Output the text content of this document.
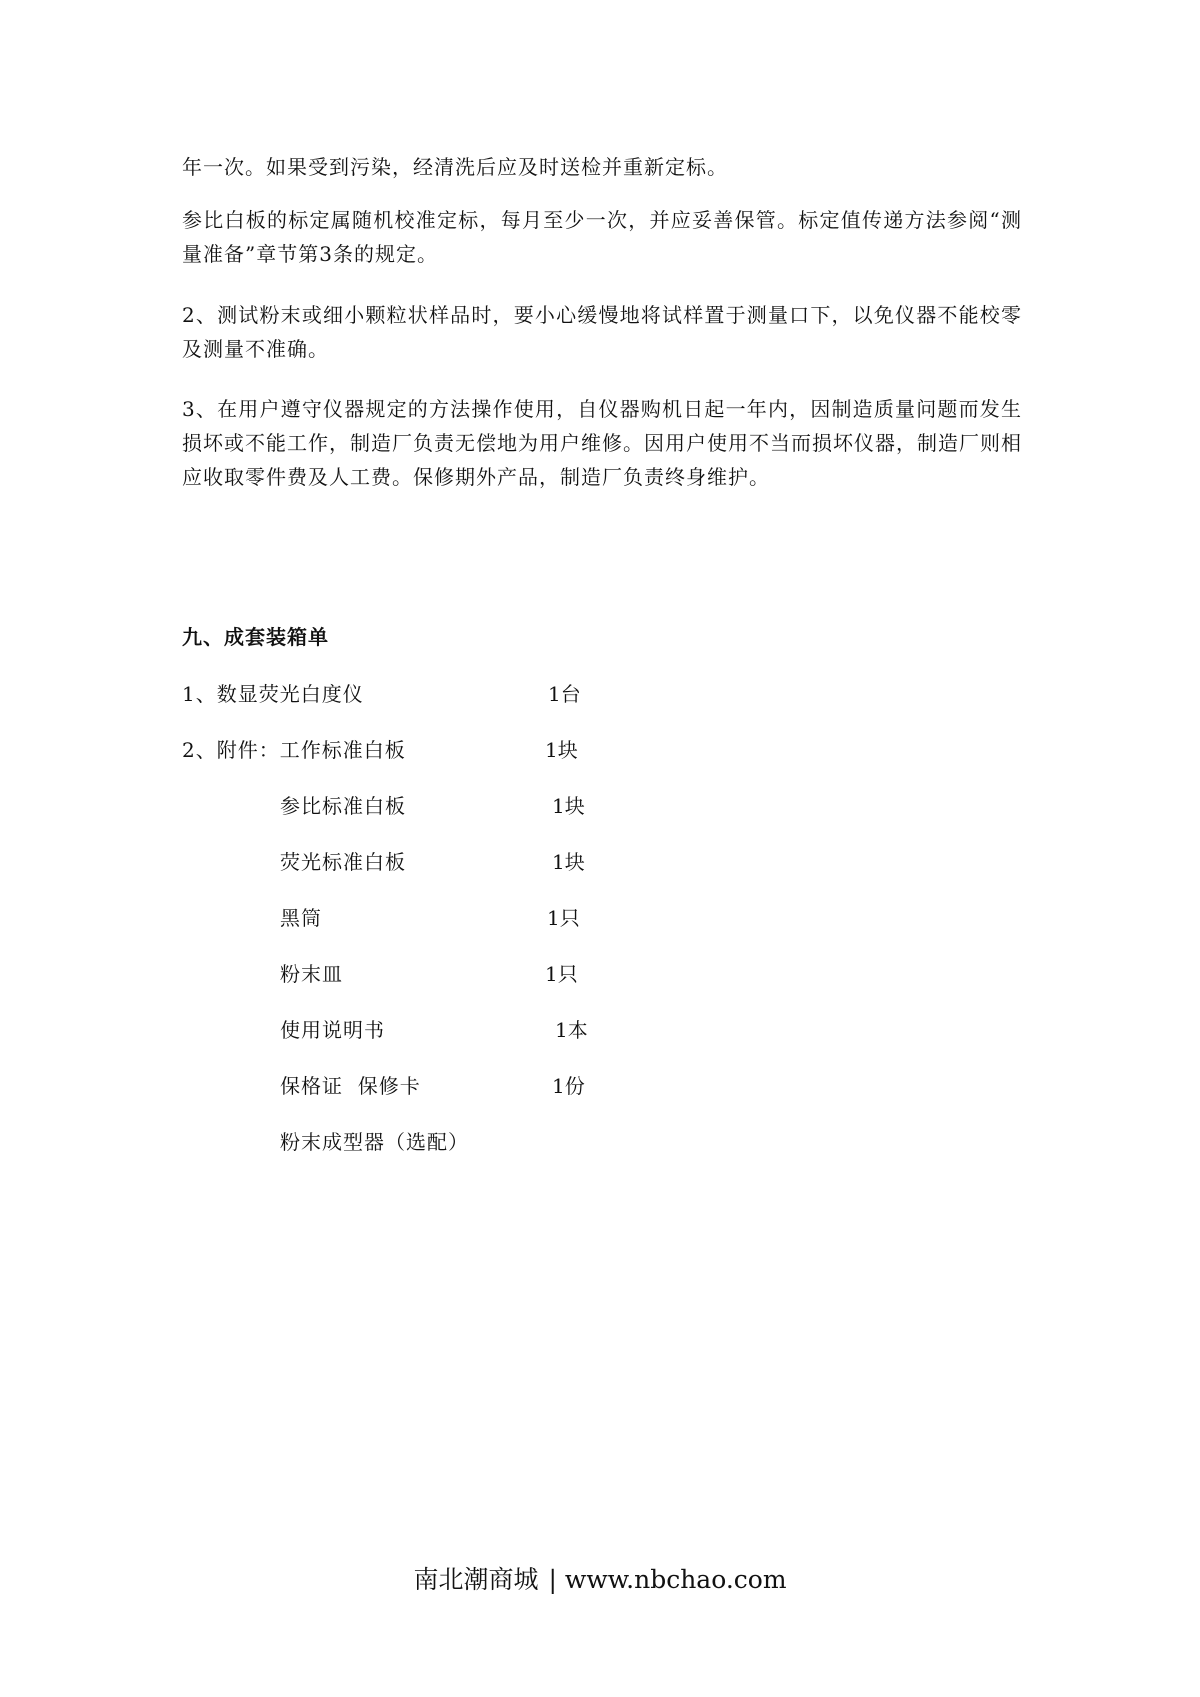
年一次。如果受到污染，经清洗后应及时送检并重新定标。

参比白板的标定属随机校准定标，每月至少一次，并应妥善保管。标定值传递方法参阅“测量准备”章节第3条的规定。

2、测试粉末或细小颗粒状样品时，要小心缓慢地将试样置于测量口下，以免仪器不能校零及测量不准确。

3、在用户遵守仪器规定的方法操作使用，自仪器购机日起一年内，因制造质量问题而发生损坏或不能工作，制造厂负责无偿地为用户维修。因用户使用不当而损坏仪器，制造厂则相应收取零件费及人工费。保修期外产品，制造厂负责终身维护。

九、成套装箱单
1、数显荧光白度仪	1台
2、附件：工作标准白板	1块
参比标准白板	1块
荧光标准白板	1块
黑筒	1只
粉末皿	1只
使用说明书	1本
保格证  保修卡	1份
粉末成型器（选配）
南北潮商城 | www.nbchao.com
